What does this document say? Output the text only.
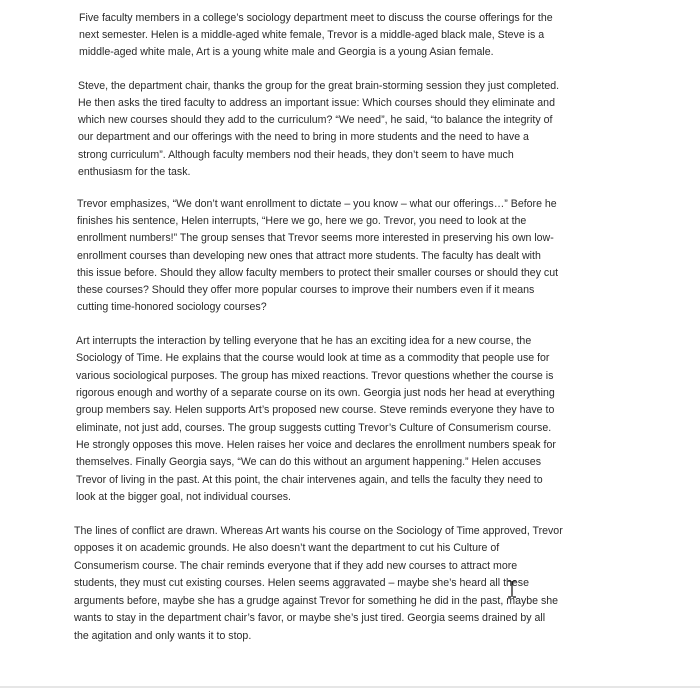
Five faculty members in a college’s sociology department meet to discuss the course offerings for the
next semester. Helen is a middle-aged white female, Trevor is a middle-aged black male, Steve is a
middle-aged white male, Art is a young white male and Georgia is a young Asian female.
Steve, the department chair, thanks the group for the great brain-storming session they just completed.
He then asks the tired faculty to address an important issue: Which courses should they eliminate and
which new courses should they add to the curriculum? “We need”, he said, “to balance the integrity of
our department and our offerings with the need to bring in more students and the need to have a
strong curriculum”. Although faculty members nod their heads, they don’t seem to have much
enthusiasm for the task.
Trevor emphasizes, “We don’t want enrollment to dictate – you know – what our offerings…” Before he
finishes his sentence, Helen interrupts, “Here we go, here we go. Trevor, you need to look at the
enrollment numbers!” The group senses that Trevor seems more interested in preserving his own low-
enrollment courses than developing new ones that attract more students. The faculty has dealt with
this issue before. Should they allow faculty members to protect their smaller courses or should they cut
these courses? Should they offer more popular courses to improve their numbers even if it means
cutting time-honored sociology courses?
Art interrupts the interaction by telling everyone that he has an exciting idea for a new course, the
Sociology of Time. He explains that the course would look at time as a commodity that people use for
various sociological purposes. The group has mixed reactions. Trevor questions whether the course is
rigorous enough and worthy of a separate course on its own. Georgia just nods her head at everything
group members say. Helen supports Art’s proposed new course. Steve reminds everyone they have to
eliminate, not just add, courses. The group suggests cutting Trevor’s Culture of Consumerism course.
He strongly opposes this move. Helen raises her voice and declares the enrollment numbers speak for
themselves. Finally Georgia says, “We can do this without an argument happening.” Helen accuses
Trevor of living in the past. At this point, the chair intervenes again, and tells the faculty they need to
look at the bigger goal, not individual courses.
The lines of conflict are drawn. Whereas Art wants his course on the Sociology of Time approved, Trevor
opposes it on academic grounds. He also doesn’t want the department to cut his Culture of
Consumerism course. The chair reminds everyone that if they add new courses to attract more
students, they must cut existing courses. Helen seems aggravated – maybe she’s heard all these
arguments before, maybe she has a grudge against Trevor for something he did in the past, maybe she
wants to stay in the department chair’s favor, or maybe she’s just tired. Georgia seems drained by all
the agitation and only wants it to stop.
